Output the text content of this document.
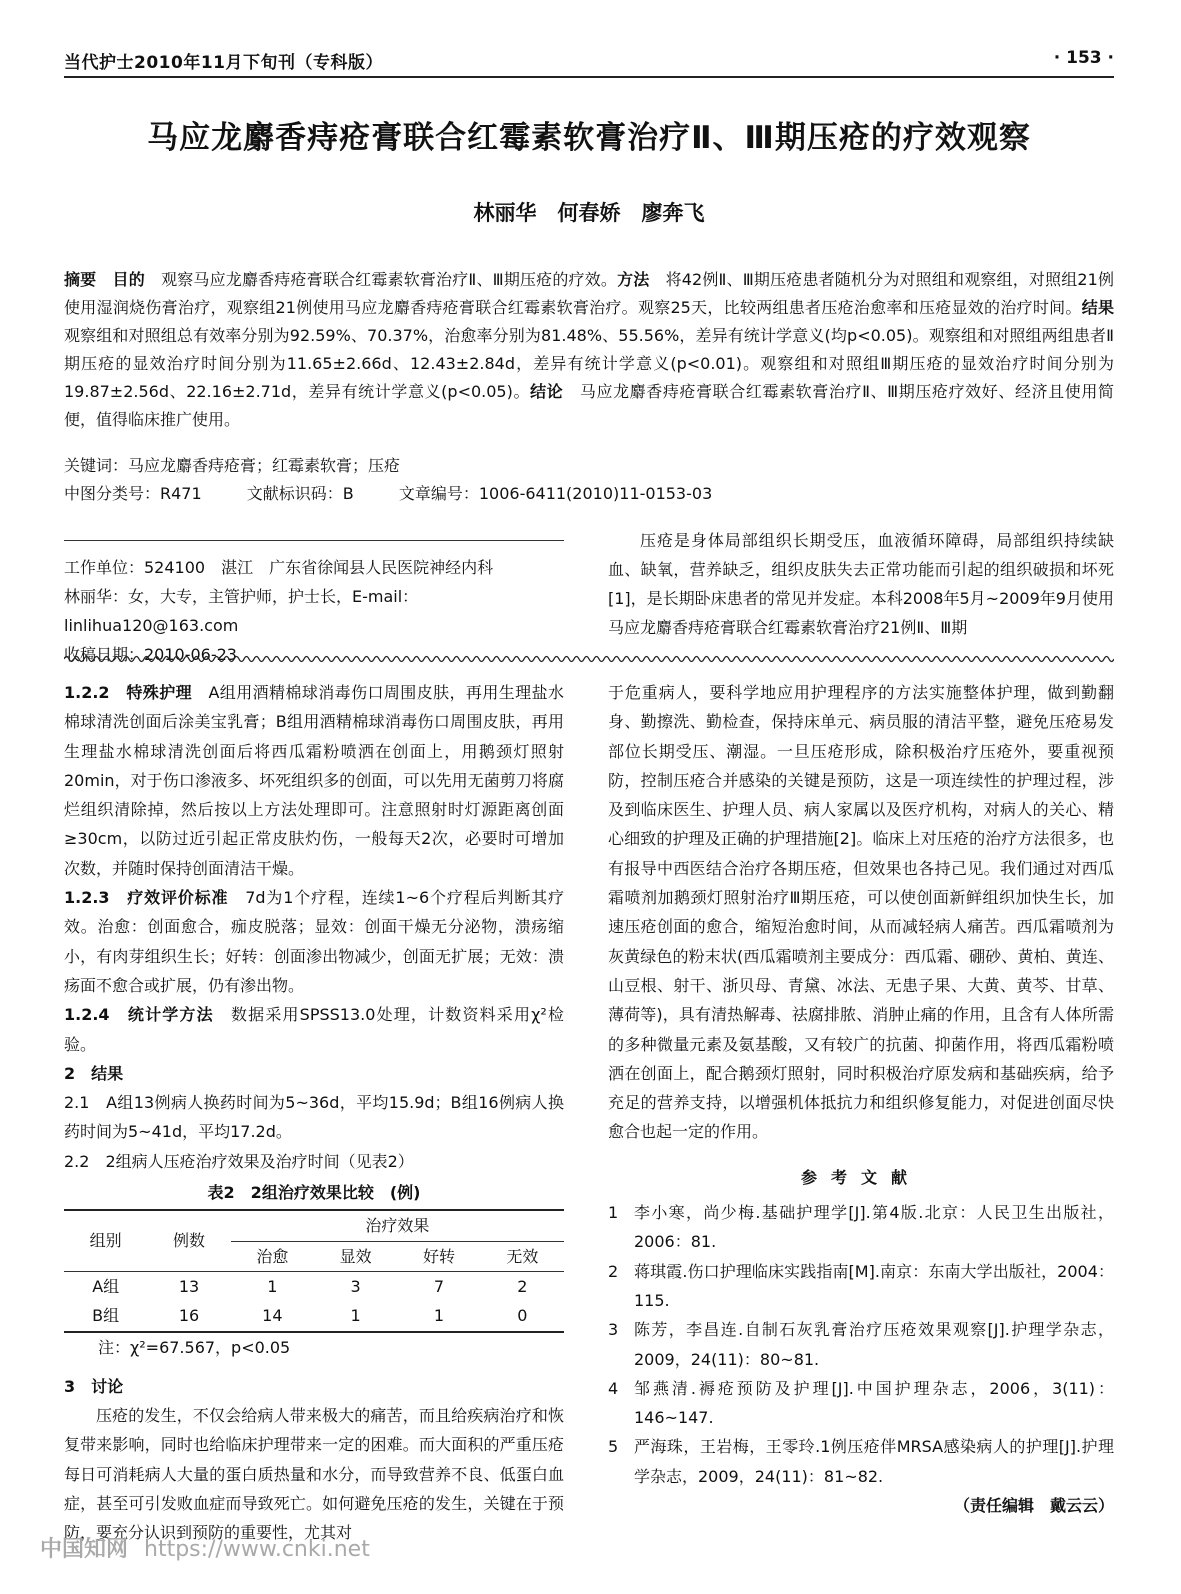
当代护士2010年11月下旬刊（专科版）	· 153 ·
马应龙麝香痔疮膏联合红霉素软膏治疗Ⅱ、Ⅲ期压疮的疗效观察
林丽华　何春娇　廖奔飞
摘要　目的　 观察马应龙麝香痔疮膏联合红霉素软膏治疗Ⅱ、Ⅲ期压疮的疗效。方法　 将42例Ⅱ、Ⅲ期压疮患者随机分为对照组和观察组，对照组21例使用湿润烧伤膏治疗，观察组21例使用马应龙麝香痔疮膏联合红霉素软膏治疗。观察25天，比较两组患者压疮治愈率和压疮显效的治疗时间。结果　观察组和对照组总有效率分别为92.59%、70.37%，治愈率分别为81.48%、55.56%，差异有统计学意义(均p<0.05)。观察组和对照组两组患者Ⅱ期压疮的显效治疗时间分别为11.65±2.66d、12.43±2.84d，差异有统计学意义(p<0.01)。观察组和对照组Ⅲ期压疮的显效治疗时间分别为19.87±2.56d、22.16±2.71d，差异有统计学意义(p<0.05)。结论　 马应龙麝香痔疮膏联合红霉素软膏治疗Ⅱ、Ⅲ期压疮疗效好、经济且使用简便，值得临床推广使用。
关键词：马应龙麝香痔疮膏；红霉素软膏；压疮
中图分类号：R471	文献标识码：B	文章编号：1006-6411(2010)11-0153-03
工作单位：524100　湛江　广东省徐闻县人民医院神经内科
林丽华：女，大专，主管护师，护士长，E-mail：linlihua120@163.com
收稿日期：2010-06-23

压疮是身体局部组织长期受压，血液循环障碍，局部组织持续缺血、缺氧，营养缺乏，组织皮肤失去正常功能而引起的组织破损和坏死[1]，是长期卧床患者的常见并发症。本科2008年5月~2009年9月使用马应龙麝香痔疮膏联合红霉素软膏治疗21例Ⅱ、Ⅲ期

1.2.2　特殊护理　 A组用酒精棉球消毒伤口周围皮肤，再用生理盐水棉球清洗创面后涂美宝乳膏；B组用酒精棉球消毒伤口周围皮肤，再用生理盐水棉球清洗创面后将西瓜霜粉喷洒在创面上，用鹅颈灯照射20min，对于伤口渗液多、坏死组织多的创面，可以先用无菌剪刀将腐烂组织清除掉，然后按以上方法处理即可。注意照射时灯源距离创面≥30cm，以防过近引起正常皮肤灼伤，一般每天2次，必要时可增加次数，并随时保持创面清洁干燥。

1.2.3　疗效评价标准　 7d为1个疗程，连续1~6个疗程后判断其疗效。治愈：创面愈合，痂皮脱落；显效：创面干燥无分泌物，溃疡缩小，有肉芽组织生长；好转：创面渗出物减少，创面无扩展；无效：溃疡面不愈合或扩展，仍有渗出物。

1.2.4　统计学方法　 数据采用SPSS13.0处理，计数资料采用χ²检验。

2　结果

2.1　A组13例病人换药时间为5~36d，平均15.9d；B组16例病人换药时间为5~41d，平均17.2d。

2.2　2组病人压疮治疗效果及治疗时间（见表2）

表2　2组治疗效果比较　(例)

组别	例数	治疗效果			
		治愈	显效	好转	无效
A组	13	1	3	7	2
B组	16	14	1	1	0

注：χ²=67.567，p<0.05

3　讨论

压疮的发生，不仅会给病人带来极大的痛苦，而且给疾病治疗和恢复带来影响，同时也给临床护理带来一定的困难。而大面积的严重压疮每日可消耗病人大量的蛋白质热量和水分，而导致营养不良、低蛋白血症，甚至可引发败血症而导致死亡。如何避免压疮的发生，关键在于预防，要充分认识到预防的重要性，尤其对

于危重病人，要科学地应用护理程序的方法实施整体护理，做到勤翻身、勤擦洗、勤检查，保持床单元、病员服的清洁平整，避免压疮易发部位长期受压、潮湿。一旦压疮形成，除积极治疗压疮外，要重视预防，控制压疮合并感染的关键是预防，这是一项连续性的护理过程，涉及到临床医生、护理人员、病人家属以及医疗机构，对病人的关心、精心细致的护理及正确的护理措施[2]。临床上对压疮的治疗方法很多，也有报导中西医结合治疗各期压疮，但效果也各持己见。我们通过对西瓜霜喷剂加鹅颈灯照射治疗Ⅲ期压疮，可以使创面新鲜组织加快生长，加速压疮创面的愈合，缩短治愈时间，从而减轻病人痛苦。西瓜霜喷剂为灰黄绿色的粉末状(西瓜霜喷剂主要成分：西瓜霜、硼砂、黄柏、黄连、山豆根、射干、浙贝母、青黛、冰法、无患子果、大黄、黄芩、甘草、薄荷等)，具有清热解毒、祛腐排脓、消肿止痛的作用，且含有人体所需的多种微量元素及氨基酸，又有较广的抗菌、抑菌作用，将西瓜霜粉喷洒在创面上，配合鹅颈灯照射，同时积极治疗原发病和基础疾病，给予充足的营养支持，以增强机体抵抗力和组织修复能力，对促进创面尽快愈合也起一定的作用。

参考文献

1 李小寒，尚少梅.基础护理学[J].第4版.北京：人民卫生出版社，2006：81.
2 蒋琪霞.伤口护理临床实践指南[M].南京：东南大学出版社，2004：115.
3 陈芳，李昌连.自制石灰乳膏治疗压疮效果观察[J].护理学杂志，2009，24(11)：80~81.
4 邹燕清.褥疮预防及护理[J].中国护理杂志，2006，3(11)：146~147.
5 严海珠，王岩梅，王零玲.1例压疮伴MRSA感染病人的护理[J].护理学杂志，2009，24(11)：81~82.

（责任编辑　戴云云）

中国知网 https://www.cnki.net
